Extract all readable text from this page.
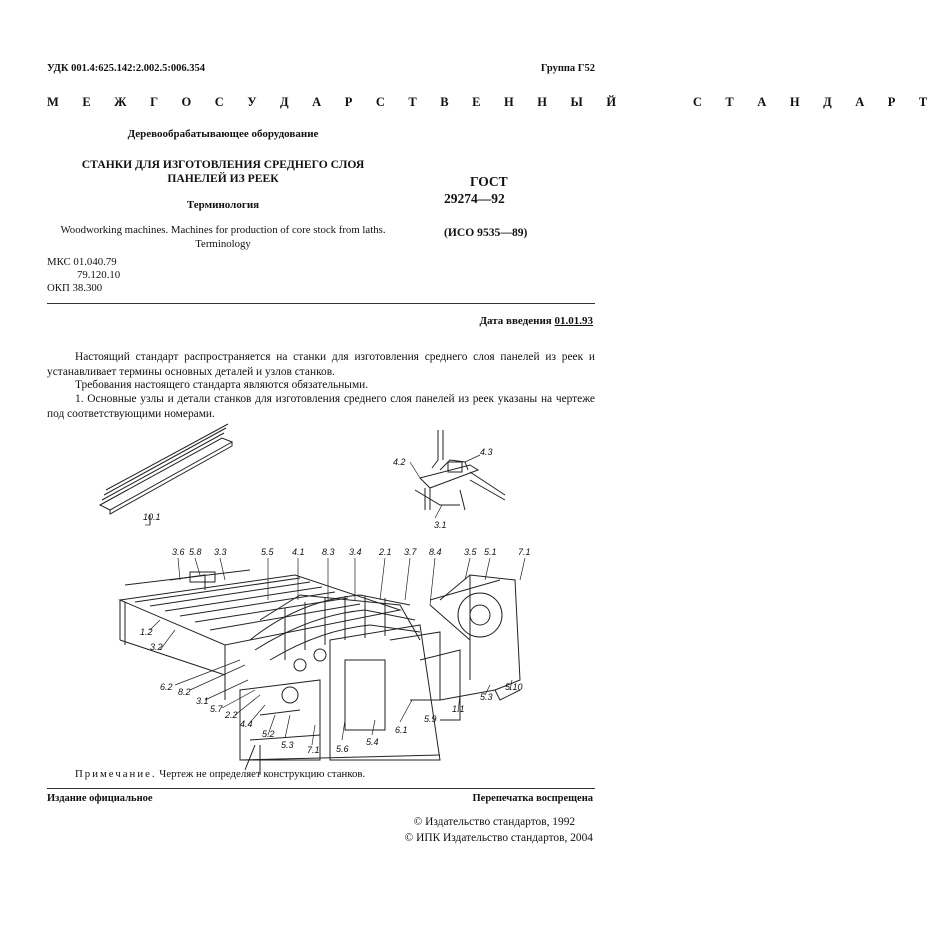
УДК 001.4:625.142:2.002.5:006.354	Группа Г52
М Е Ж Г О С У Д А Р С Т В Е Н Н Ы Й     С Т А Н Д А Р Т
Деревообрабатывающее оборудование
СТАНКИ ДЛЯ ИЗГОТОВЛЕНИЯ СРЕДНЕГО СЛОЯ
ПАНЕЛЕЙ ИЗ РЕЕК
Терминология
Woodworking machines. Machines for production of core stock from laths.
Terminology
ГОСТ
29274—92
(ИСО 9535—89)
МКС 01.040.79
79.120.10
ОКП 38.300
Дата введения 01.01.93
Настоящий стандарт распространяется на станки для изготовления среднего слоя панелей из реек и устанавливает термины основных деталей и узлов станков.
Требования настоящего стандарта являются обязательными.
1. Основные узлы и детали станков для изготовления среднего слоя панелей из реек указаны на чертеже под соответствующими номерами.
10.1
4.2
4.3
3.1
3.6 5.8 3.3	5.5 4.1 8.3 3.4 2.1 3.7 8.4 3.5 5.1 7.1
1.2
3.2
6.2 8.2
3.1
5.7
2.2
4.4
5.2
5.3 7.1 5.6
5.4
6.1
5.9
1.1
5.3
5.10
Примечание. Чертеж не определяет конструкцию станков.
Издание официальное	Перепечатка воспрещена
© Издательство стандартов, 1992
© ИПК Издательство стандартов, 2004
